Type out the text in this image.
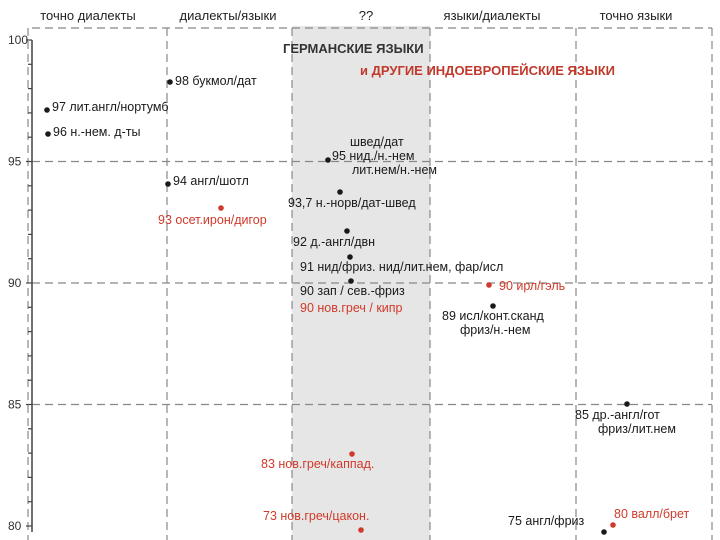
80
85
90
95
100
точно диалекты	диалекты/языки	??	языки/диалекты	точно языки
ГЕРМАНСКИЕ ЯЗЫКИ
и ДРУГИЕ ИНДОЕВРОПЕЙСКИЕ ЯЗЫКИ
98 букмол/дат
97 лит.англ/нортумб
96 н.-нем. д-ты
швед/дат
95 нид./н.-нем
лит.нем/н.-нем
94 англ/шотл
93,7 н.-норв/дат-швед
93 осет.ирон/дигор
92 д.-англ/двн
91 нид/фриз. нид/лит.нем, фар/исл
90 зап / сев.-фриз	90 ирл/гэль
89 исл/конт.сканд
фриз/н.-нем
90 нов.греч / кипр
85 др.-англ/гот
фриз/лит.нем
83 нов.греч/каппад.
73 нов.греч/цакон.	75 англ/фриз 80 валл/брет
